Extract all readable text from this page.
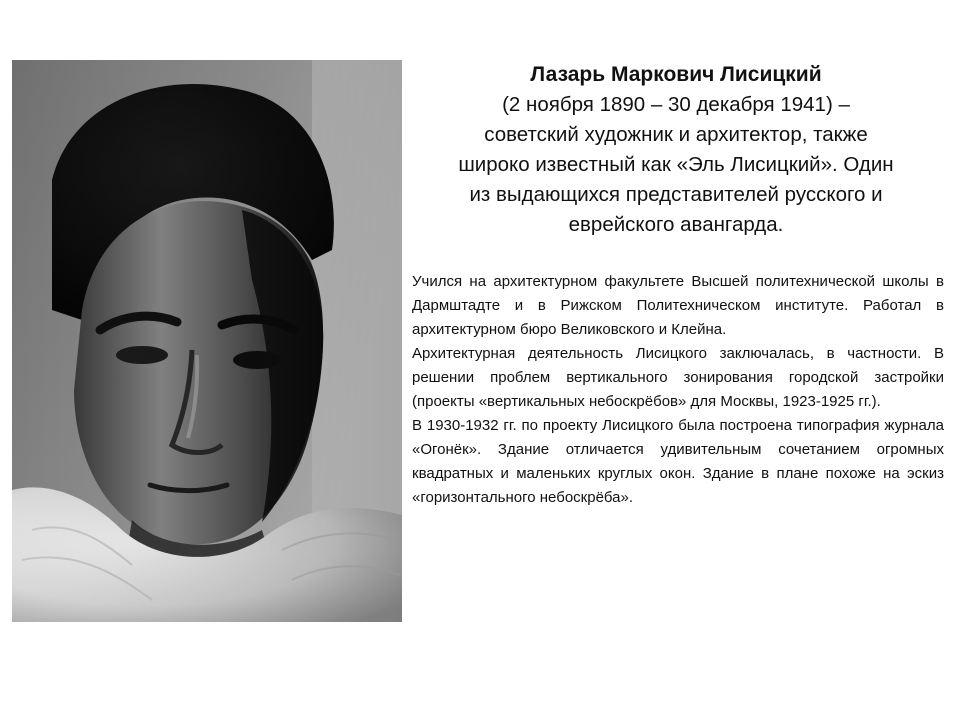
Лазарь Маркович Лисицкий
(2 ноября 1890 – 30 декабря 1941) –
советский художник и архитектор, также
широко известный как «Эль Лисицкий». Один
из выдающихся представителей русского и
еврейского авангарда.
Учился на архитектурном факультете Высшей политехнической школы в Дармштадте и в Рижском Политехническом институте. Работал в архитектурном бюро Великовского и Клейна.
Архитектурная деятельность Лисицкого заключалась, в частности. В решении проблем вертикального зонирования городской застройки (проекты «вертикальных небоскрёбов» для Москвы, 1923-1925 гг.).
В 1930-1932 гг. по проекту Лисицкого была построена типография журнала «Огонёк». Здание отличается удивительным сочетанием огромных квадратных и маленьких круглых окон. Здание в плане похоже на эскиз «горизонтального небоскрёба».
